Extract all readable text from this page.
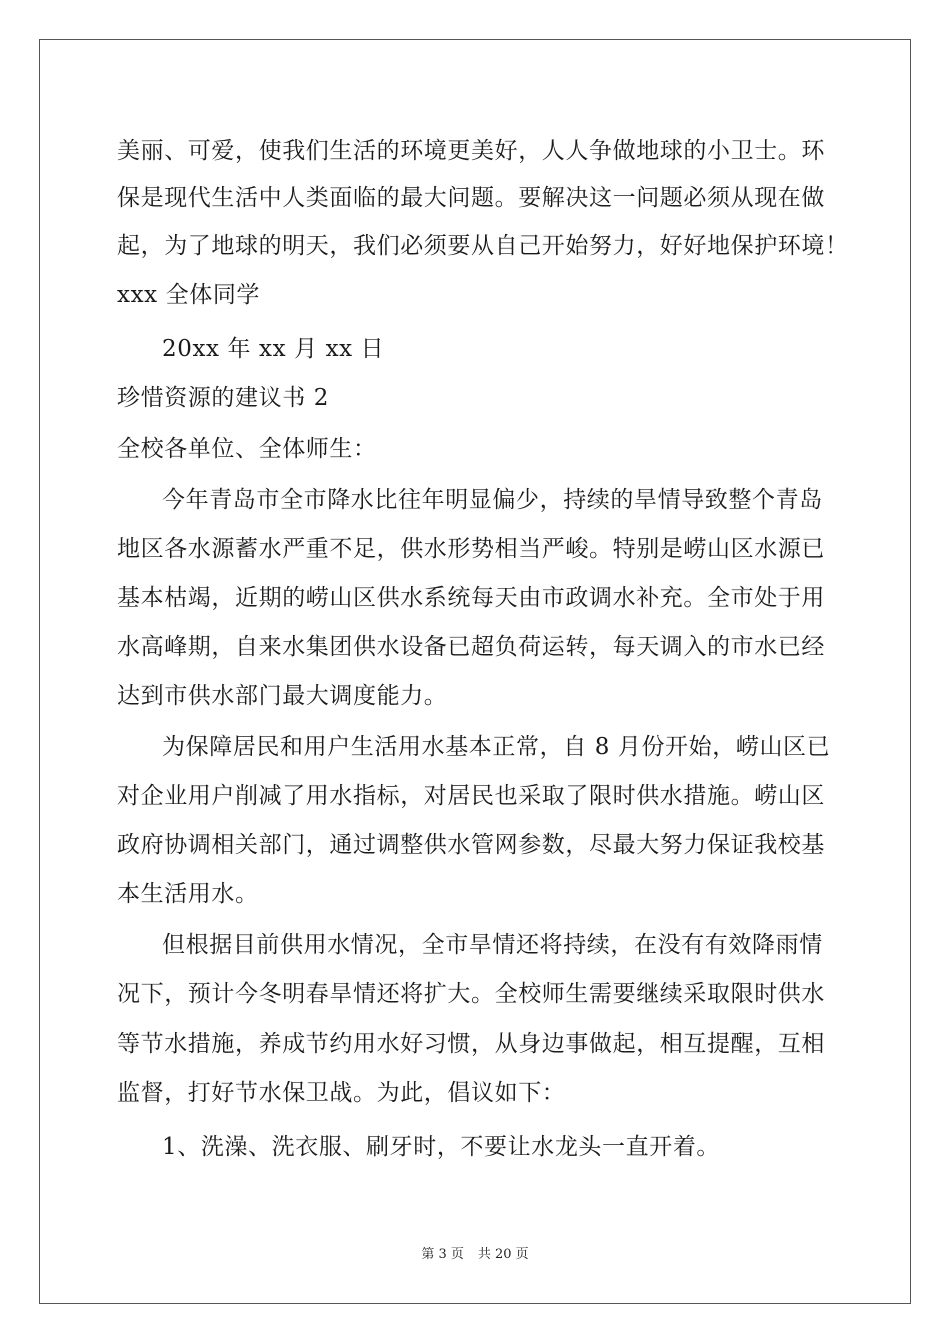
美丽、可爱，使我们生活的环境更美好，人人争做地球的小卫士。环
保是现代生活中人类面临的最大问题。要解决这一问题必须从现在做
起，为了地球的明天，我们必须要从自己开始努力，好好地保护环境！
xxx 全体同学
20xx 年 xx 月 xx 日
珍惜资源的建议书 2
全校各单位、全体师生：
今年青岛市全市降水比往年明显偏少，持续的旱情导致整个青岛
地区各水源蓄水严重不足，供水形势相当严峻。特别是崂山区水源已
基本枯竭，近期的崂山区供水系统每天由市政调水补充。全市处于用
水高峰期，自来水集团供水设备已超负荷运转，每天调入的市水已经
达到市供水部门最大调度能力。
为保障居民和用户生活用水基本正常，自 8 月份开始，崂山区已
对企业用户削减了用水指标，对居民也采取了限时供水措施。崂山区
政府协调相关部门，通过调整供水管网参数，尽最大努力保证我校基
本生活用水。
但根据目前供用水情况，全市旱情还将持续，在没有有效降雨情
况下，预计今冬明春旱情还将扩大。全校师生需要继续采取限时供水
等节水措施，养成节约用水好习惯，从身边事做起，相互提醒，互相
监督，打好节水保卫战。为此，倡议如下：
1、洗澡、洗衣服、刷牙时，不要让水龙头一直开着。
第 3 页 共 20 页
